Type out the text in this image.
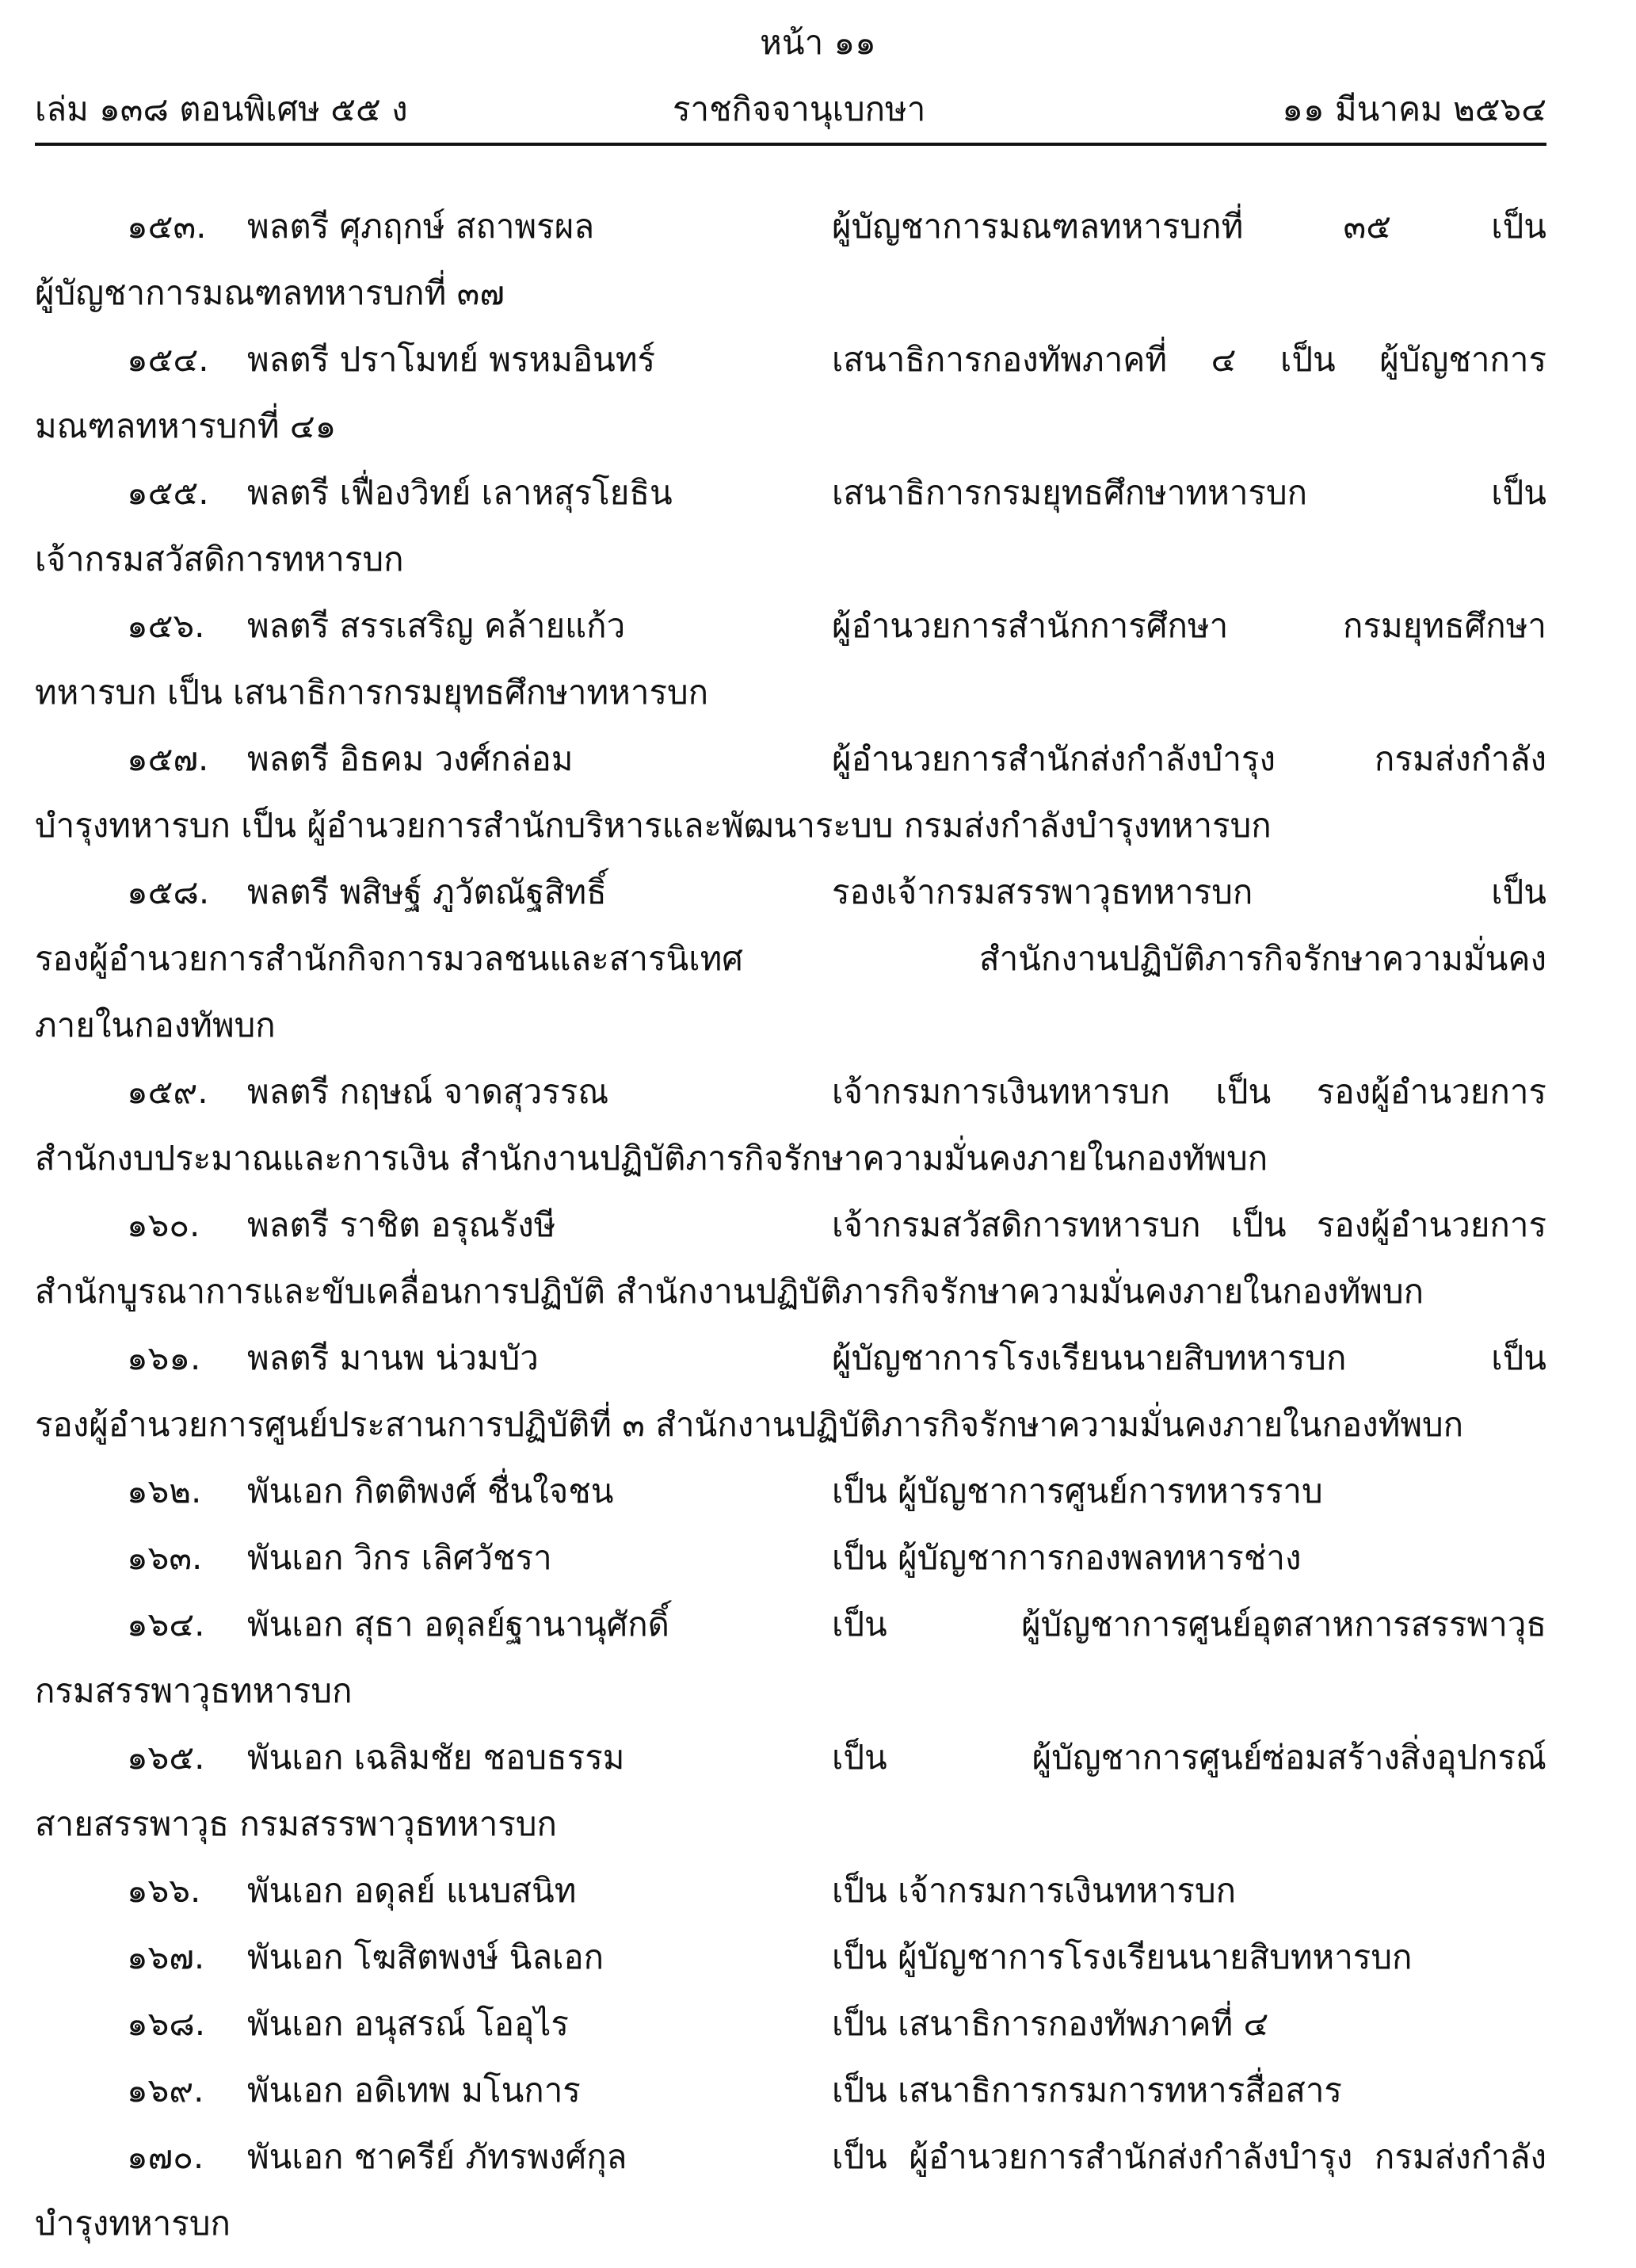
หน้า ๑๑
เล่ม ๑๓๘ ตอนพิเศษ ๕๕ ง	ราชกิจจานุเบกษา	๑๑ มีนาคม ๒๕๖๔
๑๕๓. พลตรี ศุภฤกษ์ สถาพรผล	ผู้บัญชาการมณฑลทหารบกที่ ๓๕ เป็น
ผู้บัญชาการมณฑลทหารบกที่ ๓๗
๑๕๔. พลตรี ปราโมทย์ พรหมอินทร์	เสนาธิการกองทัพภาคที่ ๔ เป็น ผู้บัญชาการ
มณฑลทหารบกที่ ๔๑
๑๕๕. พลตรี เฟื่องวิทย์ เลาหสุรโยธิน	เสนาธิการกรมยุทธศึกษาทหารบก เป็น
เจ้ากรมสวัสดิการทหารบก
๑๕๖. พลตรี สรรเสริญ คล้ายแก้ว	ผู้อำนวยการสำนักการศึกษา กรมยุทธศึกษา
ทหารบก เป็น เสนาธิการกรมยุทธศึกษาทหารบก
๑๕๗. พลตรี อิธคม วงศ์กล่อม	ผู้อำนวยการสำนักส่งกำลังบำรุง กรมส่งกำลัง
บำรุงทหารบก เป็น ผู้อำนวยการสำนักบริหารและพัฒนาระบบ กรมส่งกำลังบำรุงทหารบก
๑๕๘. พลตรี พสิษฐ์ ภูวัตณัฐสิทธิ์	รองเจ้ากรมสรรพาวุธทหารบก เป็น
รองผู้อำนวยการสำนักกิจการมวลชนและสารนิเทศ สำนักงานปฏิบัติภารกิจรักษาความมั่นคง
ภายในกองทัพบก
๑๕๙. พลตรี กฤษณ์ จาดสุวรรณ	เจ้ากรมการเงินทหารบก เป็น รองผู้อำนวยการ
สำนักงบประมาณและการเงิน สำนักงานปฏิบัติภารกิจรักษาความมั่นคงภายในกองทัพบก
๑๖๐. พลตรี ราชิต อรุณรังษี	เจ้ากรมสวัสดิการทหารบก เป็น รองผู้อำนวยการ
สำนักบูรณาการและขับเคลื่อนการปฏิบัติ สำนักงานปฏิบัติภารกิจรักษาความมั่นคงภายในกองทัพบก
๑๖๑. พลตรี มานพ น่วมบัว	ผู้บัญชาการโรงเรียนนายสิบทหารบก เป็น
รองผู้อำนวยการศูนย์ประสานการปฏิบัติที่ ๓ สำนักงานปฏิบัติภารกิจรักษาความมั่นคงภายในกองทัพบก
๑๖๒. พันเอก กิตติพงศ์ ชื่นใจชน	เป็น ผู้บัญชาการศูนย์การทหารราบ
๑๖๓. พันเอก วิกร เลิศวัชรา	เป็น ผู้บัญชาการกองพลทหารช่าง
๑๖๔. พันเอก สุธา อดุลย์ฐานานุศักดิ์	เป็น ผู้บัญชาการศูนย์อุตสาหการสรรพาวุธ
กรมสรรพาวุธทหารบก
๑๖๕. พันเอก เฉลิมชัย ชอบธรรม	เป็น ผู้บัญชาการศูนย์ซ่อมสร้างสิ่งอุปกรณ์
สายสรรพาวุธ กรมสรรพาวุธทหารบก
๑๖๖. พันเอก อดุลย์ แนบสนิท	เป็น เจ้ากรมการเงินทหารบก
๑๖๗. พันเอก โฆสิตพงษ์ นิลเอก	เป็น ผู้บัญชาการโรงเรียนนายสิบทหารบก
๑๖๘. พันเอก อนุสรณ์ โออุไร	เป็น เสนาธิการกองทัพภาคที่ ๔
๑๖๙. พันเอก อดิเทพ มโนการ	เป็น เสนาธิการกรมการทหารสื่อสาร
๑๗๐. พันเอก ชาครีย์ ภัทรพงศ์กุล	เป็น ผู้อำนวยการสำนักส่งกำลังบำรุง กรมส่งกำลัง
บำรุงทหารบก
